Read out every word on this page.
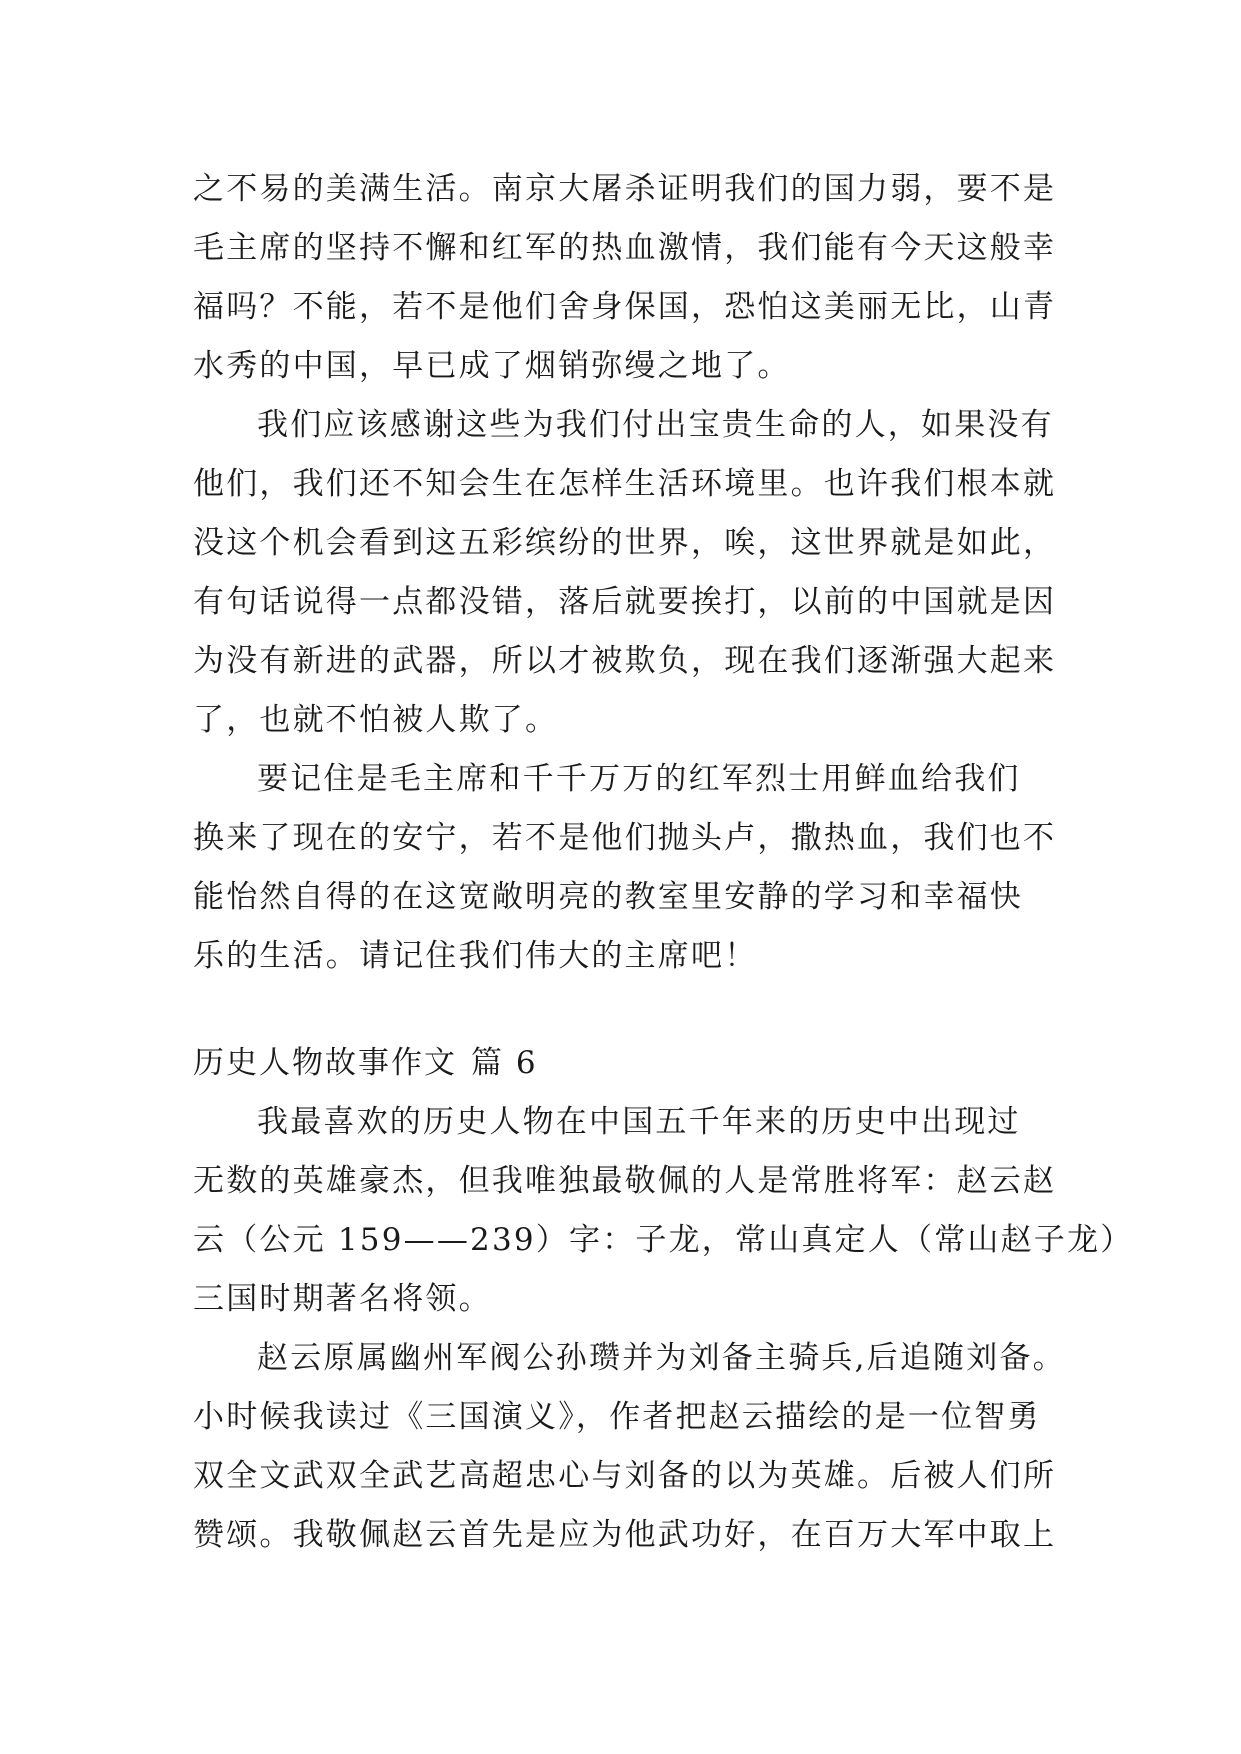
之不易的美满生活。南京大屠杀证明我们的国力弱，要不是
毛主席的坚持不懈和红军的热血激情，我们能有今天这般幸
福吗？不能，若不是他们舍身保国，恐怕这美丽无比，山青
水秀的中国，早已成了烟销弥缦之地了。
我们应该感谢这些为我们付出宝贵生命的人，如果没有
他们，我们还不知会生在怎样生活环境里。也许我们根本就
没这个机会看到这五彩缤纷的世界，唉，这世界就是如此，
有句话说得一点都没错，落后就要挨打，以前的中国就是因
为没有新进的武器，所以才被欺负，现在我们逐渐强大起来
了，也就不怕被人欺了。
要记住是毛主席和千千万万的红军烈士用鲜血给我们
换来了现在的安宁，若不是他们抛头卢，撒热血，我们也不
能怡然自得的在这宽敞明亮的教室里安静的学习和幸福快
乐的生活。请记住我们伟大的主席吧！
历史人物故事作文 篇 6
我最喜欢的历史人物在中国五千年来的历史中出现过
无数的英雄豪杰，但我唯独最敬佩的人是常胜将军：赵云赵
云（公元 159——239）字：子龙，常山真定人（常山赵子龙）
三国时期著名将领。
赵云原属幽州军阀公孙瓒并为刘备主骑兵,后追随刘备。
小时候我读过《三国演义》，作者把赵云描绘的是一位智勇
双全文武双全武艺高超忠心与刘备的以为英雄。后被人们所
赞颂。我敬佩赵云首先是应为他武功好，在百万大军中取上
